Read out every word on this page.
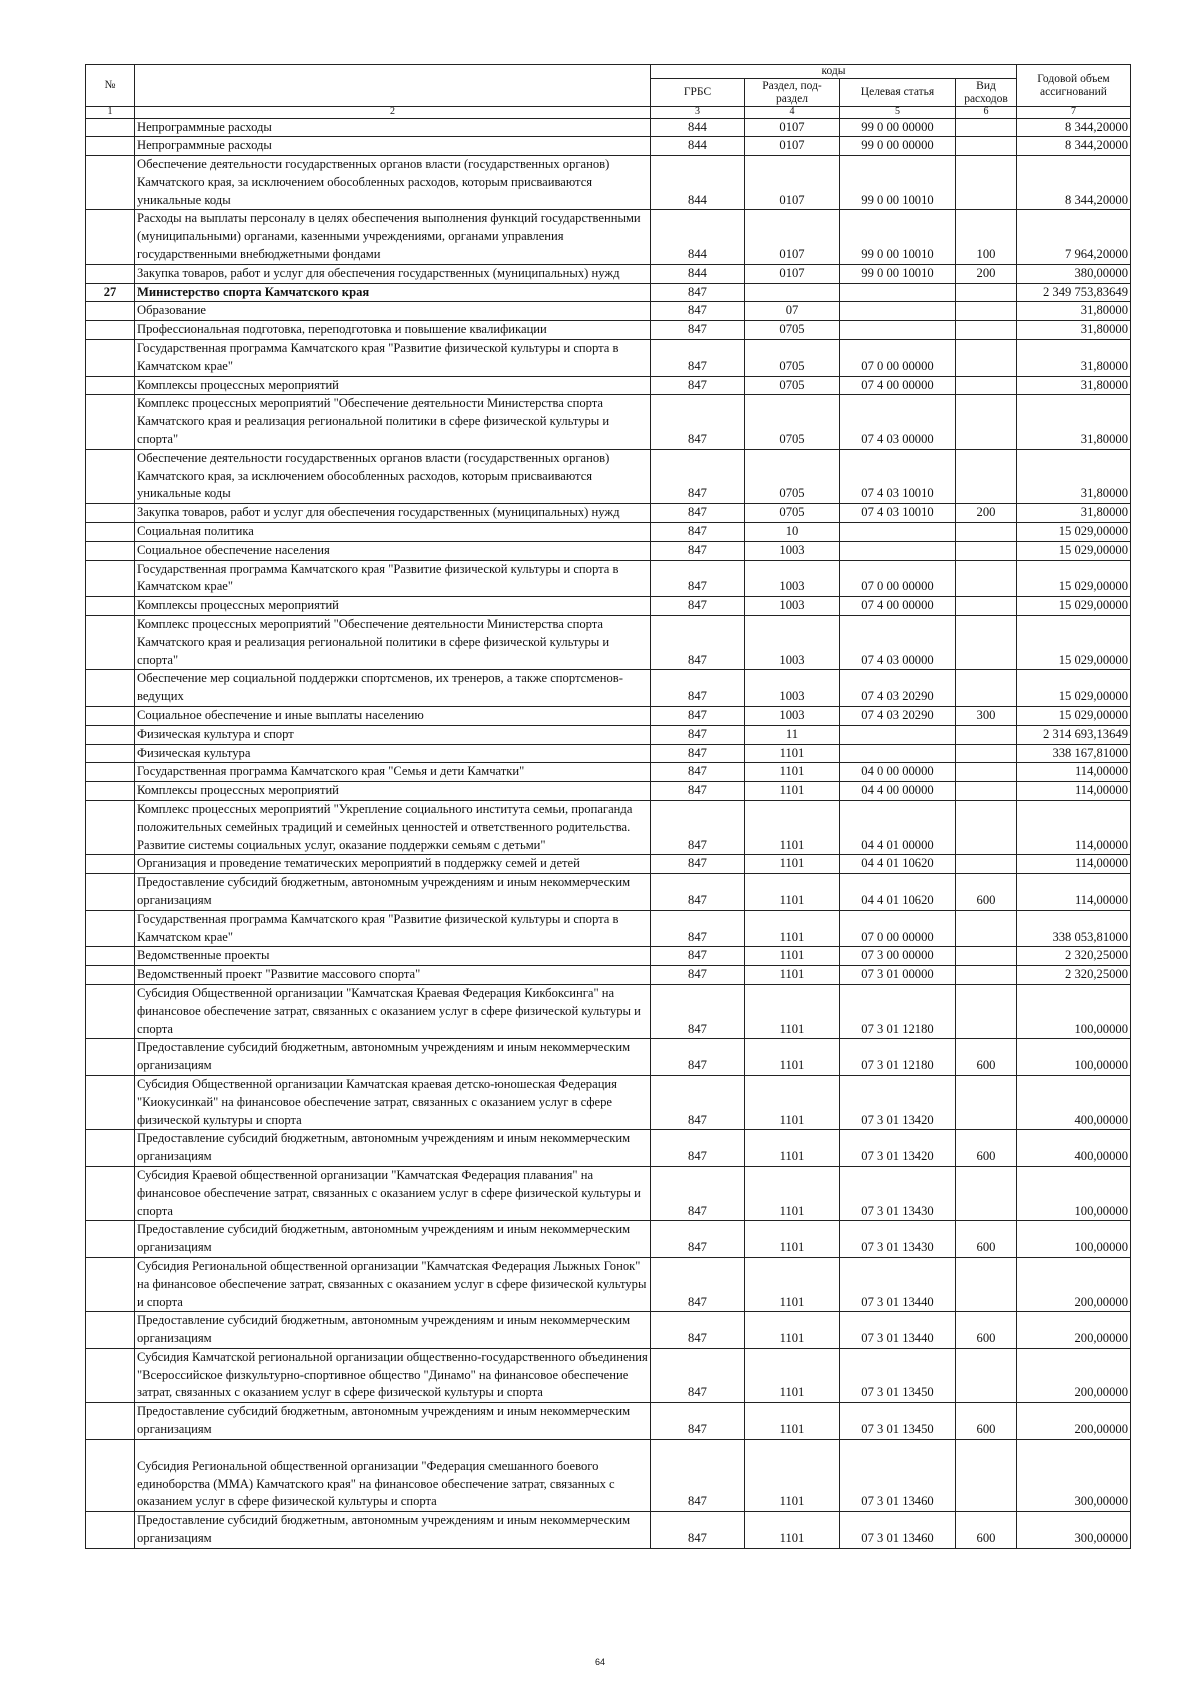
№		коды				Годовой объем ассигнований
		ГРБС	Раздел, под-раздел	Целевая статья	Вид расходов	
1	2	3	4	5	6	7
	Непрограммные расходы	844	0107	99 0 00 00000		8 344,20000
	Непрограммные расходы	844	0107	99 0 00 00000		8 344,20000
	Обеспечение деятельности государственных органов власти (государственных органов) Камчатского края, за исключением обособленных расходов, которым присваиваются уникальные коды	844	0107	99 0 00 10010		8 344,20000
	Расходы на выплаты персоналу в целях обеспечения выполнения функций государственными (муниципальными) органами, казенными учреждениями, органами управления государственными внебюджетными фондами	844	0107	99 0 00 10010	100	7 964,20000
	Закупка товаров, работ и услуг для обеспечения государственных (муниципальных) нужд	844	0107	99 0 00 10010	200	380,00000
27	Министерство спорта Камчатского края	847				2 349 753,83649
	Образование	847	07			31,80000
	Профессиональная подготовка, переподготовка и повышение квалификации	847	0705			31,80000
	Государственная программа Камчатского края "Развитие физической культуры и спорта в Камчатском крае"	847	0705	07 0 00 00000		31,80000
	Комплексы процессных мероприятий	847	0705	07 4 00 00000		31,80000
	Комплекс процессных мероприятий "Обеспечение деятельности Министерства спорта Камчатского края и реализация региональной политики в сфере физической культуры и спорта"	847	0705	07 4 03 00000		31,80000
	Обеспечение деятельности государственных органов власти (государственных органов) Камчатского края, за исключением обособленных расходов, которым присваиваются уникальные коды	847	0705	07 4 03 10010		31,80000
	Закупка товаров, работ и услуг для обеспечения государственных (муниципальных) нужд	847	0705	07 4 03 10010	200	31,80000
	Социальная политика	847	10			15 029,00000
	Социальное обеспечение населения	847	1003			15 029,00000
	Государственная программа Камчатского края "Развитие физической культуры и спорта в Камчатском крае"	847	1003	07 0 00 00000		15 029,00000
	Комплексы процессных мероприятий	847	1003	07 4 00 00000		15 029,00000
	Комплекс процессных мероприятий "Обеспечение деятельности Министерства спорта Камчатского края и реализация региональной политики в сфере физической культуры и спорта"	847	1003	07 4 03 00000		15 029,00000
	Обеспечение мер социальной поддержки спортсменов, их тренеров, а также спортсменов-ведущих	847	1003	07 4 03 20290		15 029,00000
	Социальное обеспечение и иные выплаты населению	847	1003	07 4 03 20290	300	15 029,00000
	Физическая культура и спорт	847	11			2 314 693,13649
	Физическая культура	847	1101			338 167,81000
	Государственная программа Камчатского края "Семья и дети Камчатки"	847	1101	04 0 00 00000		114,00000
	Комплексы процессных мероприятий	847	1101	04 4 00 00000		114,00000
	Комплекс процессных мероприятий "Укрепление социального института семьи, пропаганда положительных семейных традиций и семейных ценностей и ответственного родительства. Развитие системы социальных услуг, оказание поддержки семьям с детьми"	847	1101	04 4 01 00000		114,00000
	Организация и проведение тематических мероприятий в поддержку семей и детей	847	1101	04 4 01 10620		114,00000
	Предоставление субсидий бюджетным, автономным учреждениям и иным некоммерческим организациям	847	1101	04 4 01 10620	600	114,00000
	Государственная программа Камчатского края "Развитие физической культуры и спорта в Камчатском крае"	847	1101	07 0 00 00000		338 053,81000
	Ведомственные проекты	847	1101	07 3 00 00000		2 320,25000
	Ведомственный проект "Развитие массового спорта"	847	1101	07 3 01 00000		2 320,25000
	Субсидия Общественной организации "Камчатская Краевая Федерация Кикбоксинга" на финансовое обеспечение затрат, связанных с оказанием услуг в сфере физической культуры и спорта	847	1101	07 3 01 12180		100,00000
	Предоставление субсидий бюджетным, автономным учреждениям и иным некоммерческим организациям	847	1101	07 3 01 12180	600	100,00000
	Субсидия Общественной организации Камчатская краевая детско-юношеская Федерация "Киокусинкай" на финансовое обеспечение затрат, связанных с оказанием услуг в сфере физической культуры и спорта	847	1101	07 3 01 13420		400,00000
	Предоставление субсидий бюджетным, автономным учреждениям и иным некоммерческим организациям	847	1101	07 3 01 13420	600	400,00000
	Субсидия Краевой общественной организации "Камчатская Федерация плавания" на финансовое обеспечение затрат, связанных с оказанием услуг в сфере физической культуры и спорта	847	1101	07 3 01 13430		100,00000
	Предоставление субсидий бюджетным, автономным учреждениям и иным некоммерческим организациям	847	1101	07 3 01 13430	600	100,00000
	Субсидия Региональной общественной организации "Камчатская Федерация Лыжных Гонок" на финансовое обеспечение затрат, связанных с оказанием услуг в сфере физической культуры и спорта	847	1101	07 3 01 13440		200,00000
	Предоставление субсидий бюджетным, автономным учреждениям и иным некоммерческим организациям	847	1101	07 3 01 13440	600	200,00000
	Субсидия Камчатской региональной организации общественно-государственного объединения "Всероссийское физкультурно-спортивное общество "Динамо" на финансовое обеспечение затрат, связанных с оказанием услуг в сфере физической культуры и спорта	847	1101	07 3 01 13450		200,00000
	Предоставление субсидий бюджетным, автономным учреждениям и иным некоммерческим организациям	847	1101	07 3 01 13450	600	200,00000
	Субсидия Региональной общественной организации "Федерация смешанного боевого единоборства (ММА) Камчатского края" на финансовое обеспечение затрат, связанных с оказанием услуг в сфере физической культуры и спорта	847	1101	07 3 01 13460		300,00000
	Предоставление субсидий бюджетным, автономным учреждениям и иным некоммерческим организациям	847	1101	07 3 01 13460	600	300,00000
64
